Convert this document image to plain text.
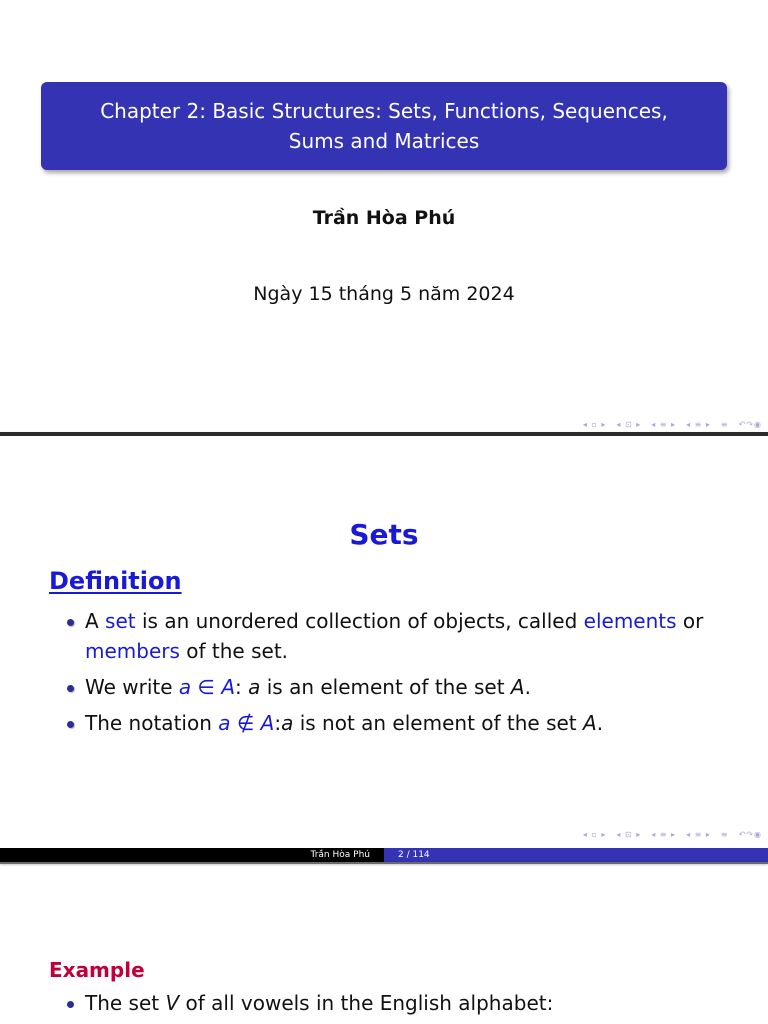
Chapter 2: Basic Structures: Sets, Functions, Sequences,
Sums and Matrices
Trần Hòa Phú
Ngày 15 tháng 5 năm 2024
◂ ▫ ▸ ◂ ⊡ ▸ ◂ ≡ ▸ ◂ ≡ ▸ ≡ ↶↷◉
Sets
Definition
A set is an unordered collection of objects, called elements or members of the set.
We write a ∈ A: a is an element of the set A.
The notation a ∉ A:a is not an element of the set A.
◂ ▫ ▸ ◂ ⊡ ▸ ◂ ≡ ▸ ◂ ≡ ▸ ≡ ↶↷◉
Trần Hòa Phú	2 / 114
Example
The set V of all vowels in the English alphabet:
